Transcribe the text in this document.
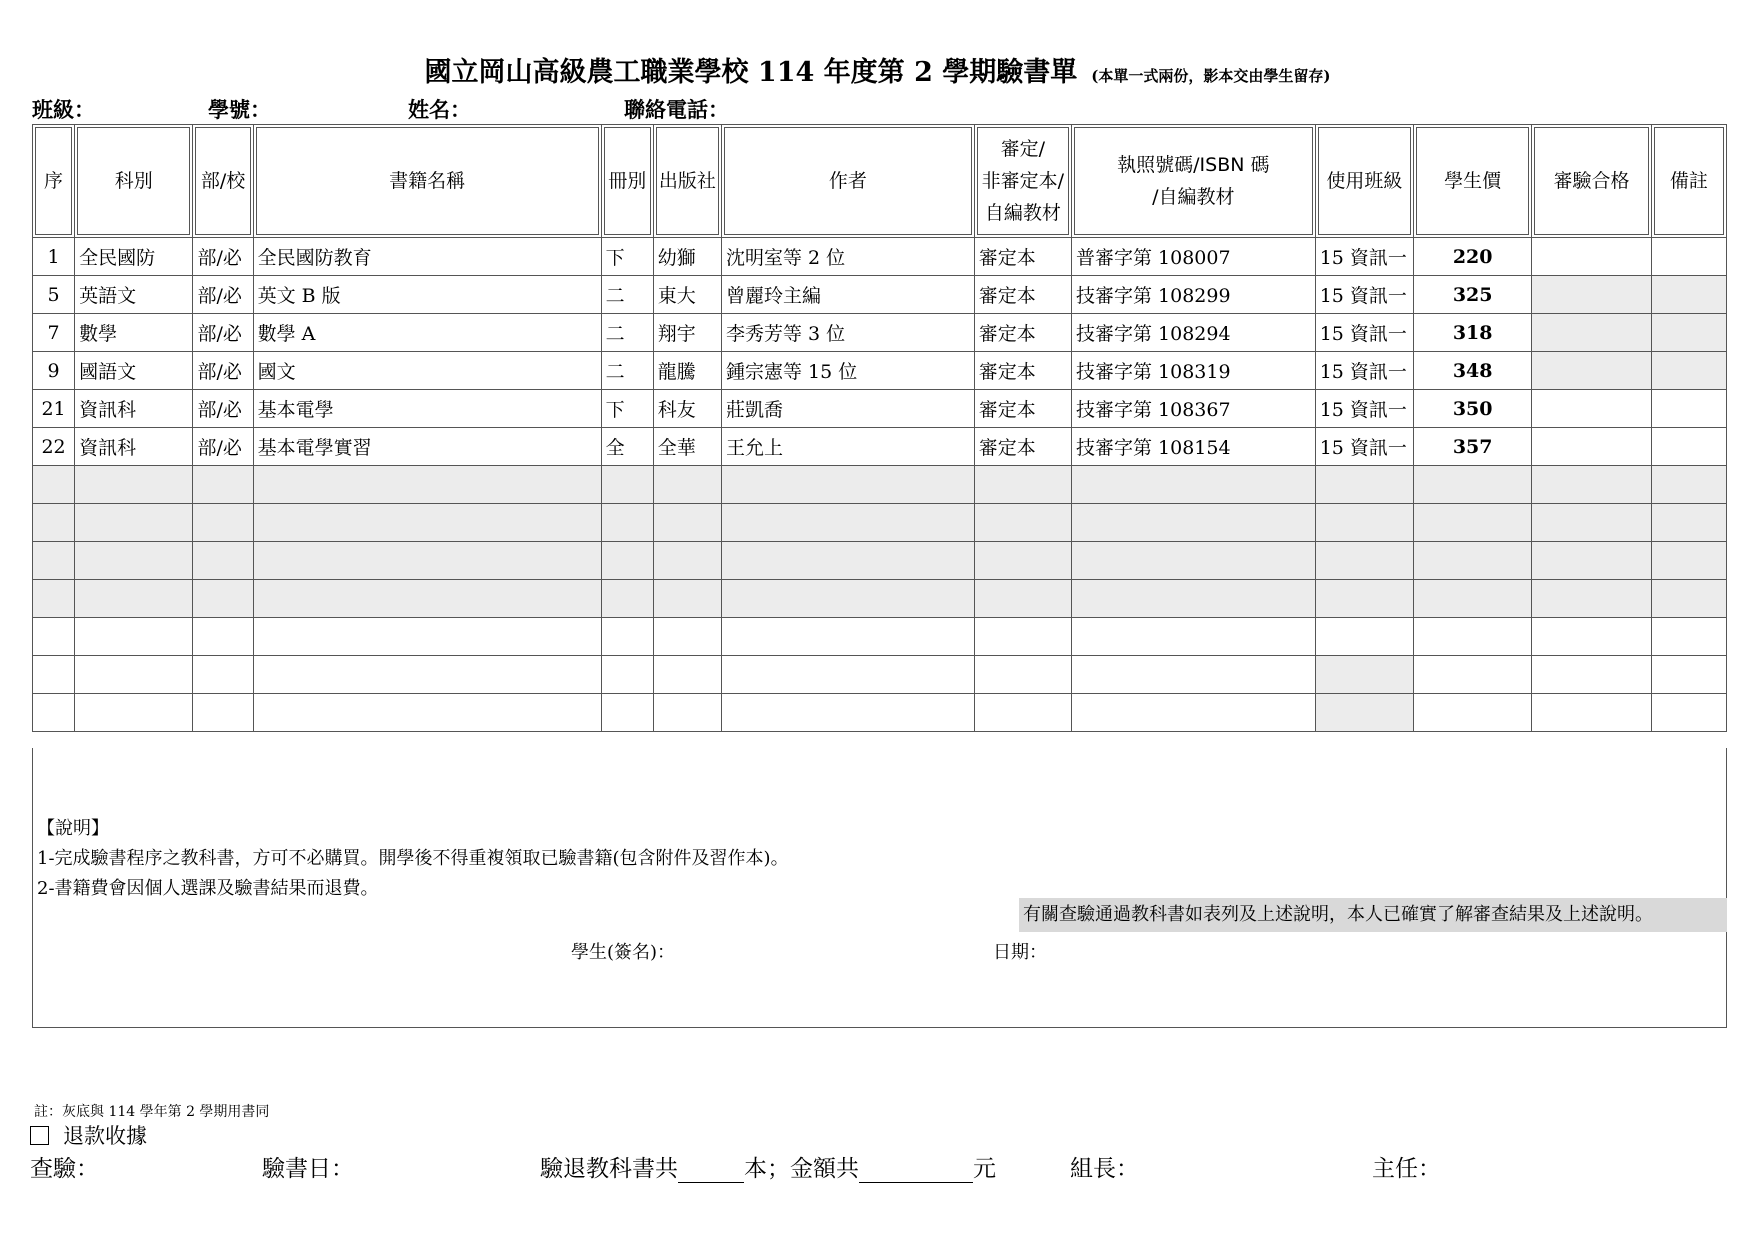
國立岡山高級農工職業學校 114 年度第 2 學期驗書單 (本單一式兩份，影本交由學生留存)
班級：	學號：	姓名：	聯絡電話：
序	科別	部/校	書籍名稱	冊別	出版社	作者	審定/
非審定本/
自編教材	執照號碼/ISBN 碼
/自編教材	使用班級	學生價	審驗合格	備註
1	全民國防	部/必	全民國防教育	下	幼獅	沈明室等 2 位	審定本	普審字第 108007	15 資訊一	220		
5	英語文	部/必	英文 B 版	二	東大	曾麗玲主編	審定本	技審字第 108299	15 資訊一	325		
7	數學	部/必	數學 A	二	翔宇	李秀芳等 3 位	審定本	技審字第 108294	15 資訊一	318		
9	國語文	部/必	國文	二	龍騰	鍾宗憲等 15 位	審定本	技審字第 108319	15 資訊一	348		
21	資訊科	部/必	基本電學	下	科友	莊凱喬	審定本	技審字第 108367	15 資訊一	350		
22	資訊科	部/必	基本電學實習	全	全華	王允上	審定本	技審字第 108154	15 資訊一	357		

【說明】
1-完成驗書程序之教科書，方可不必購買。開學後不得重複領取已驗書籍(包含附件及習作本)。
2-書籍費會因個人選課及驗書結果而退費。
有關查驗通過教科書如表列及上述說明，本人已確實了解審查結果及上述說明。
學生(簽名)：	日期：
註：灰底與 114 學年第 2 學期用書同
退款收據
查驗：	驗書日：	驗退教科書共	本；金額共	元	組長：	主任：
